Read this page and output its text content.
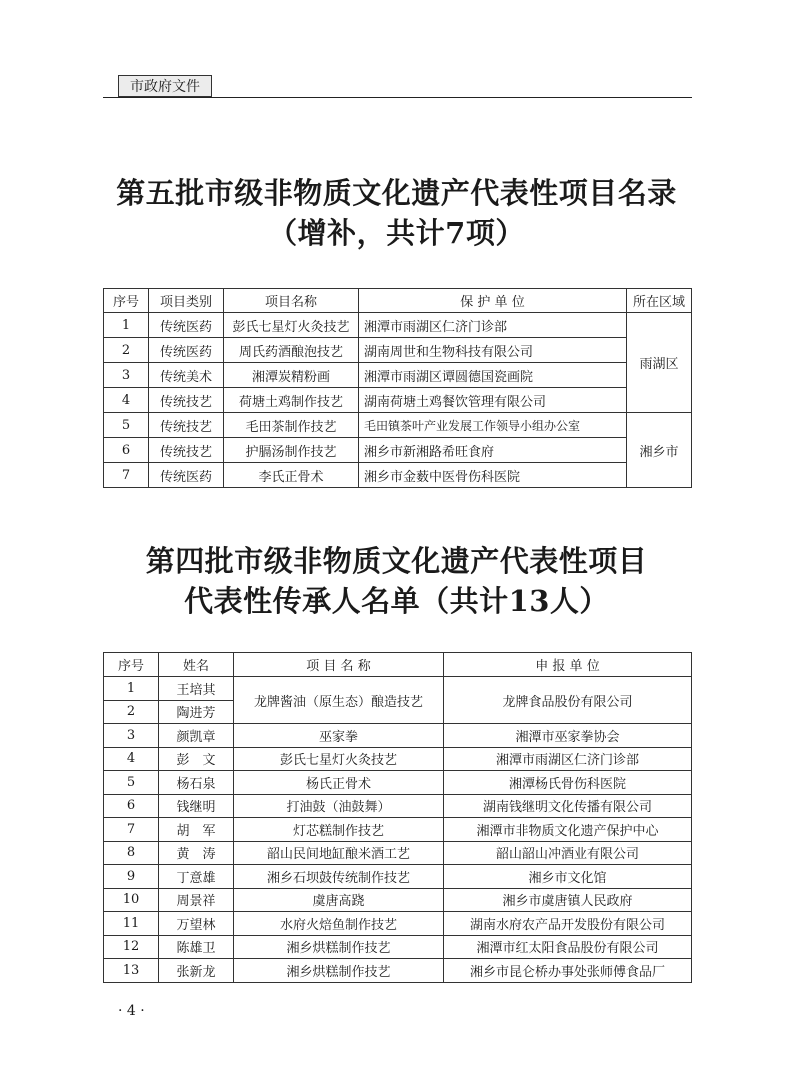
市政府文件
第五批市级非物质文化遗产代表性项目名录
（增补，共计7项）
序号	项目类别	项目名称	保 护 单 位	所在区域
1	传统医药	彭氏七星灯火灸技艺	湘潭市雨湖区仁济门诊部	雨湖区
2	传统医药	周氏药酒酿泡技艺	湖南周世和生物科技有限公司	
3	传统美术	湘潭炭精粉画	湘潭市雨湖区谭圆德国瓷画院	
4	传统技艺	荷塘土鸡制作技艺	湖南荷塘土鸡餐饮管理有限公司	
5	传统技艺	毛田茶制作技艺	毛田镇茶叶产业发展工作领导小组办公室	湘乡市
6	传统技艺	护膈汤制作技艺	湘乡市新湘路希旺食府	
7	传统医药	李氏正骨术	湘乡市金薮中医骨伤科医院	
第四批市级非物质文化遗产代表性项目
代表性传承人名单（共计13人）
序号	姓名	项 目 名 称	申 报 单 位
1	王培其	龙牌酱油（原生态）酿造技艺	龙牌食品股份有限公司
2	陶进芳		
3	颜凯章	巫家拳	湘潭市巫家拳协会
4	彭　文	彭氏七星灯火灸技艺	湘潭市雨湖区仁济门诊部
5	杨石泉	杨氏正骨术	湘潭杨氏骨伤科医院
6	钱继明	打油鼓（油鼓舞）	湖南钱继明文化传播有限公司
7	胡　军	灯芯糕制作技艺	湘潭市非物质文化遗产保护中心
8	黄　涛	韶山民间地缸酿米酒工艺	韶山韶山冲酒业有限公司
9	丁意雄	湘乡石坝鼓传统制作技艺	湘乡市文化馆
10	周景祥	虞唐高跷	湘乡市虞唐镇人民政府
11	万望林	水府火焙鱼制作技艺	湖南水府农产品开发股份有限公司
12	陈雄卫	湘乡烘糕制作技艺	湘潭市红太阳食品股份有限公司
13	张新龙	湘乡烘糕制作技艺	湘乡市昆仑桥办事处张师傅食品厂
· 4 ·
